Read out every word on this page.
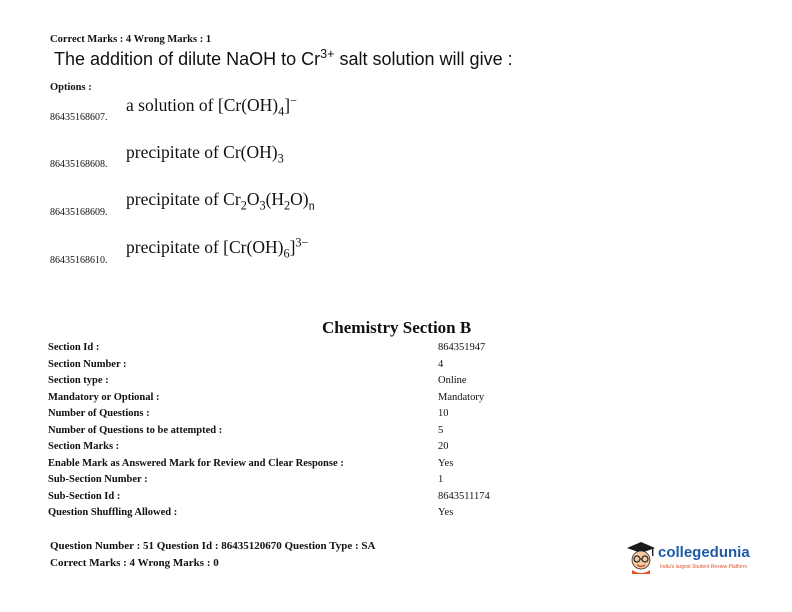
Correct Marks : 4 Wrong Marks : 1
The addition of dilute NaOH to $Cr^{3+}$ salt solution will give :
Options :
86435168607.
a solution of $[Cr(OH)_4]^-$
86435168608.
precipitate of $Cr(OH)_3$
86435168609.
precipitate of $Cr_2O_3(H_2O)_n$
86435168610.
precipitate of $[Cr(OH)_6]^{3-}$
Chemistry Section B
Section Id :	864351947
Section Number :	4
Section type :	Online
Mandatory or Optional :	Mandatory
Number of Questions :	10
Number of Questions to be attempted :	5
Section Marks :	20
Enable Mark as Answered Mark for Review and Clear Response :	Yes
Sub-Section Number :	1
Sub-Section Id :	8643511174
Question Shuffling Allowed :	Yes
Question Number : 51 Question Id : 86435120670 Question Type : SA
Correct Marks : 4 Wrong Marks : 0
collegedunia
India's largest Student Review Platform
